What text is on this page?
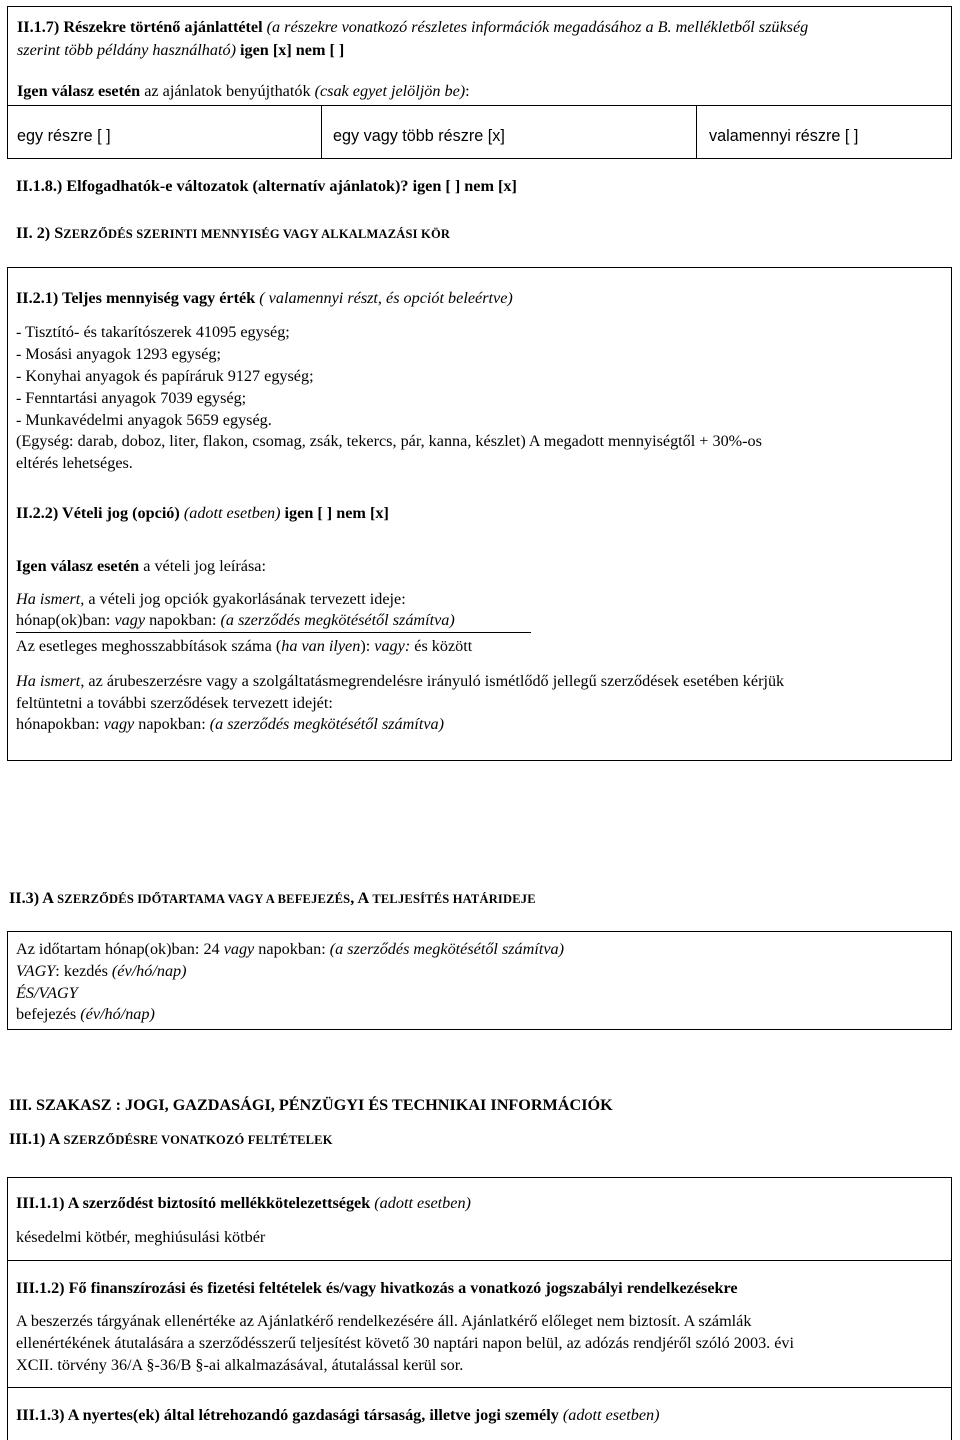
II.1.7) Részekre történő ajánlattétel (a részekre vonatkozó részletes információk megadásához a B. mellékletből szükség
szerint több példány használható) igen [x] nem [ ]
Igen válasz esetén az ajánlatok benyújthatók (csak egyet jelöljön be):
egy részre [ ]	egy vagy több részre [x]	valamennyi részre [ ]
II.1.8.) Elfogadhatók-e változatok (alternatív ajánlatok)? igen [ ] nem [x]
II. 2) SZERZŐDÉS SZERINTI MENNYISÉG VAGY ALKALMAZÁSI KÖR
II.2.1) Teljes mennyiség vagy érték ( valamennyi részt, és opciót beleértve)
- Tisztító- és takarítószerek 41095 egység;
- Mosási anyagok 1293 egység;
- Konyhai anyagok és papíráruk 9127 egység;
- Fenntartási anyagok 7039 egység;
- Munkavédelmi anyagok 5659 egység.
(Egység: darab, doboz, liter, flakon, csomag, zsák, tekercs, pár, kanna, készlet) A megadott mennyiségtől + 30%-os
eltérés lehetséges.
II.2.2) Vételi jog (opció) (adott esetben) igen [ ] nem [x]
Igen válasz esetén a vételi jog leírása:
Ha ismert, a vételi jog opciók gyakorlásának tervezett ideje:
hónap(ok)ban: vagy napokban: (a szerződés megkötésétől számítva)
Az esetleges meghosszabbítások száma (ha van ilyen): vagy: és között
Ha ismert, az árubeszerzésre vagy a szolgáltatásmegrendelésre irányuló ismétlődő jellegű szerződések esetében kérjük
feltüntetni a további szerződések tervezett idejét:
hónapokban: vagy napokban: (a szerződés megkötésétől számítva)
II.3) A SZERZŐDÉS IDŐTARTAMA VAGY A BEFEJEZÉS, A TELJESÍTÉS HATÁRIDEJE
Az időtartam hónap(ok)ban: 24 vagy napokban: (a szerződés megkötésétől számítva)
VAGY: kezdés (év/hó/nap)
ÉS/VAGY
befejezés (év/hó/nap)
III. SZAKASZ : JOGI, GAZDASÁGI, PÉNZÜGYI ÉS TECHNIKAI INFORMÁCIÓK
III.1) A SZERZŐDÉSRE VONATKOZÓ FELTÉTELEK
III.1.1) A szerződést biztosító mellékkötelezettségek (adott esetben)
késedelmi kötbér, meghiúsulási kötbér
III.1.2) Fő finanszírozási és fizetési feltételek és/vagy hivatkozás a vonatkozó jogszabályi rendelkezésekre
A beszerzés tárgyának ellenértéke az Ajánlatkérő rendelkezésére áll. Ajánlatkérő előleget nem biztosít. A számlák
ellenértékének átutalására a szerződésszerű teljesítést követő 30 naptári napon belül, az adózás rendjéről szóló 2003. évi
XCII. törvény 36/A §-36/B §-ai alkalmazásával, átutalással kerül sor.
III.1.3) A nyertes(ek) által létrehozandó gazdasági társaság, illetve jogi személy (adott esetben)
